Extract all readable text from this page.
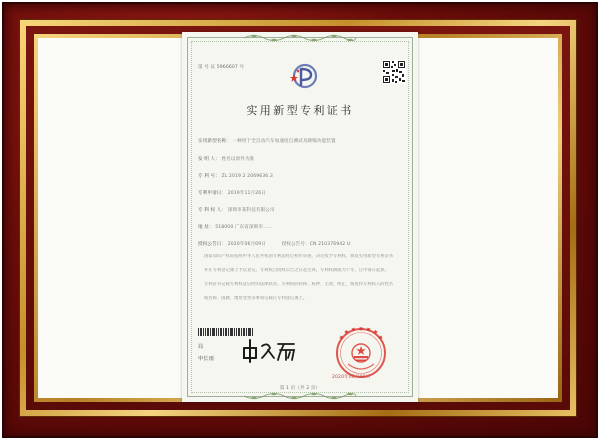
第 号 证 5966607 号
实用新型专利证书
实用新型名称： 一种用于全自动汽车加速度自测试及降噪功能装置
发 明 人： 姓名以原件为准
专 利 号： ZL 2019 2 2069636.3
专利申请日： 2019年11月26日
专 利 权 人： 深圳市某科技有限公司
地 址： 518000 广东省深圳市……
授权公告日： 2020年06月09日	授权公告号：CN 210376942 U
国家知识产权局依照中华人民共和国专利法经过初步审查，决定授予专利权，颁发实用新型专利证书
并在专利登记簿上予以登记。专利权自授权公告之日起生效。专利权期限为十年，自申请日起算。
专利证书记载专利权登记时的法律状况。专利权的转移、质押、无效、终止、恢复和专利权人的姓名
或名称、国籍、地址变更等事项记载在专利登记簿上。
局
申长雨
2020年06月09日
第 1 页（共 2 页）
